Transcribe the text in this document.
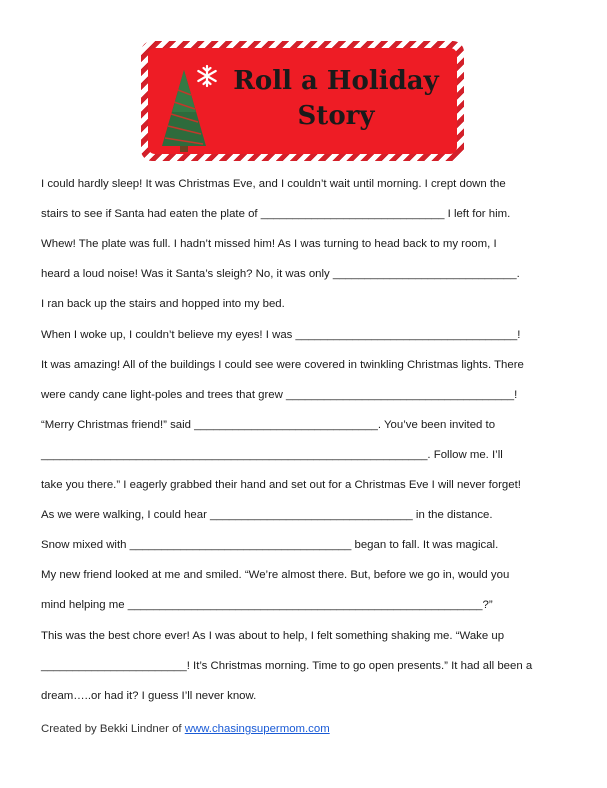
Roll a Holiday
Story
I could hardly sleep! It was Christmas Eve, and I couldn’t wait until morning. I crept down the
stairs to see if Santa had eaten the plate of _____________________________ I left for him.
Whew! The plate was full. I hadn’t missed him! As I was turning to head back to my room, I
heard a loud noise! Was it Santa’s sleigh? No, it was only _____________________________.
I ran back up the stairs and hopped into my bed.
When I woke up, I couldn’t believe my eyes! I was ___________________________________!
It was amazing! All of the buildings I could see were covered in twinkling Christmas lights. There
were candy cane light-poles and trees that grew ____________________________________!
“Merry Christmas friend!” said _____________________________. You’ve been invited to
_____________________________________________________________. Follow me. I’ll
take you there.” I eagerly grabbed their hand and set out for a Christmas Eve I will never forget!
As we were walking, I could hear ________________________________ in the distance.
Snow mixed with ___________________________________ began to fall. It was magical.
My new friend looked at me and smiled. “We’re almost there. But, before we go in, would you
mind helping me ________________________________________________________?”
This was the best chore ever! As I was about to help, I felt something shaking me. “Wake up
_______________________! It’s Christmas morning. Time to go open presents.” It had all been a
dream…..or had it? I guess I’ll never know.
Created by Bekki Lindner of www.chasingsupermom.com
